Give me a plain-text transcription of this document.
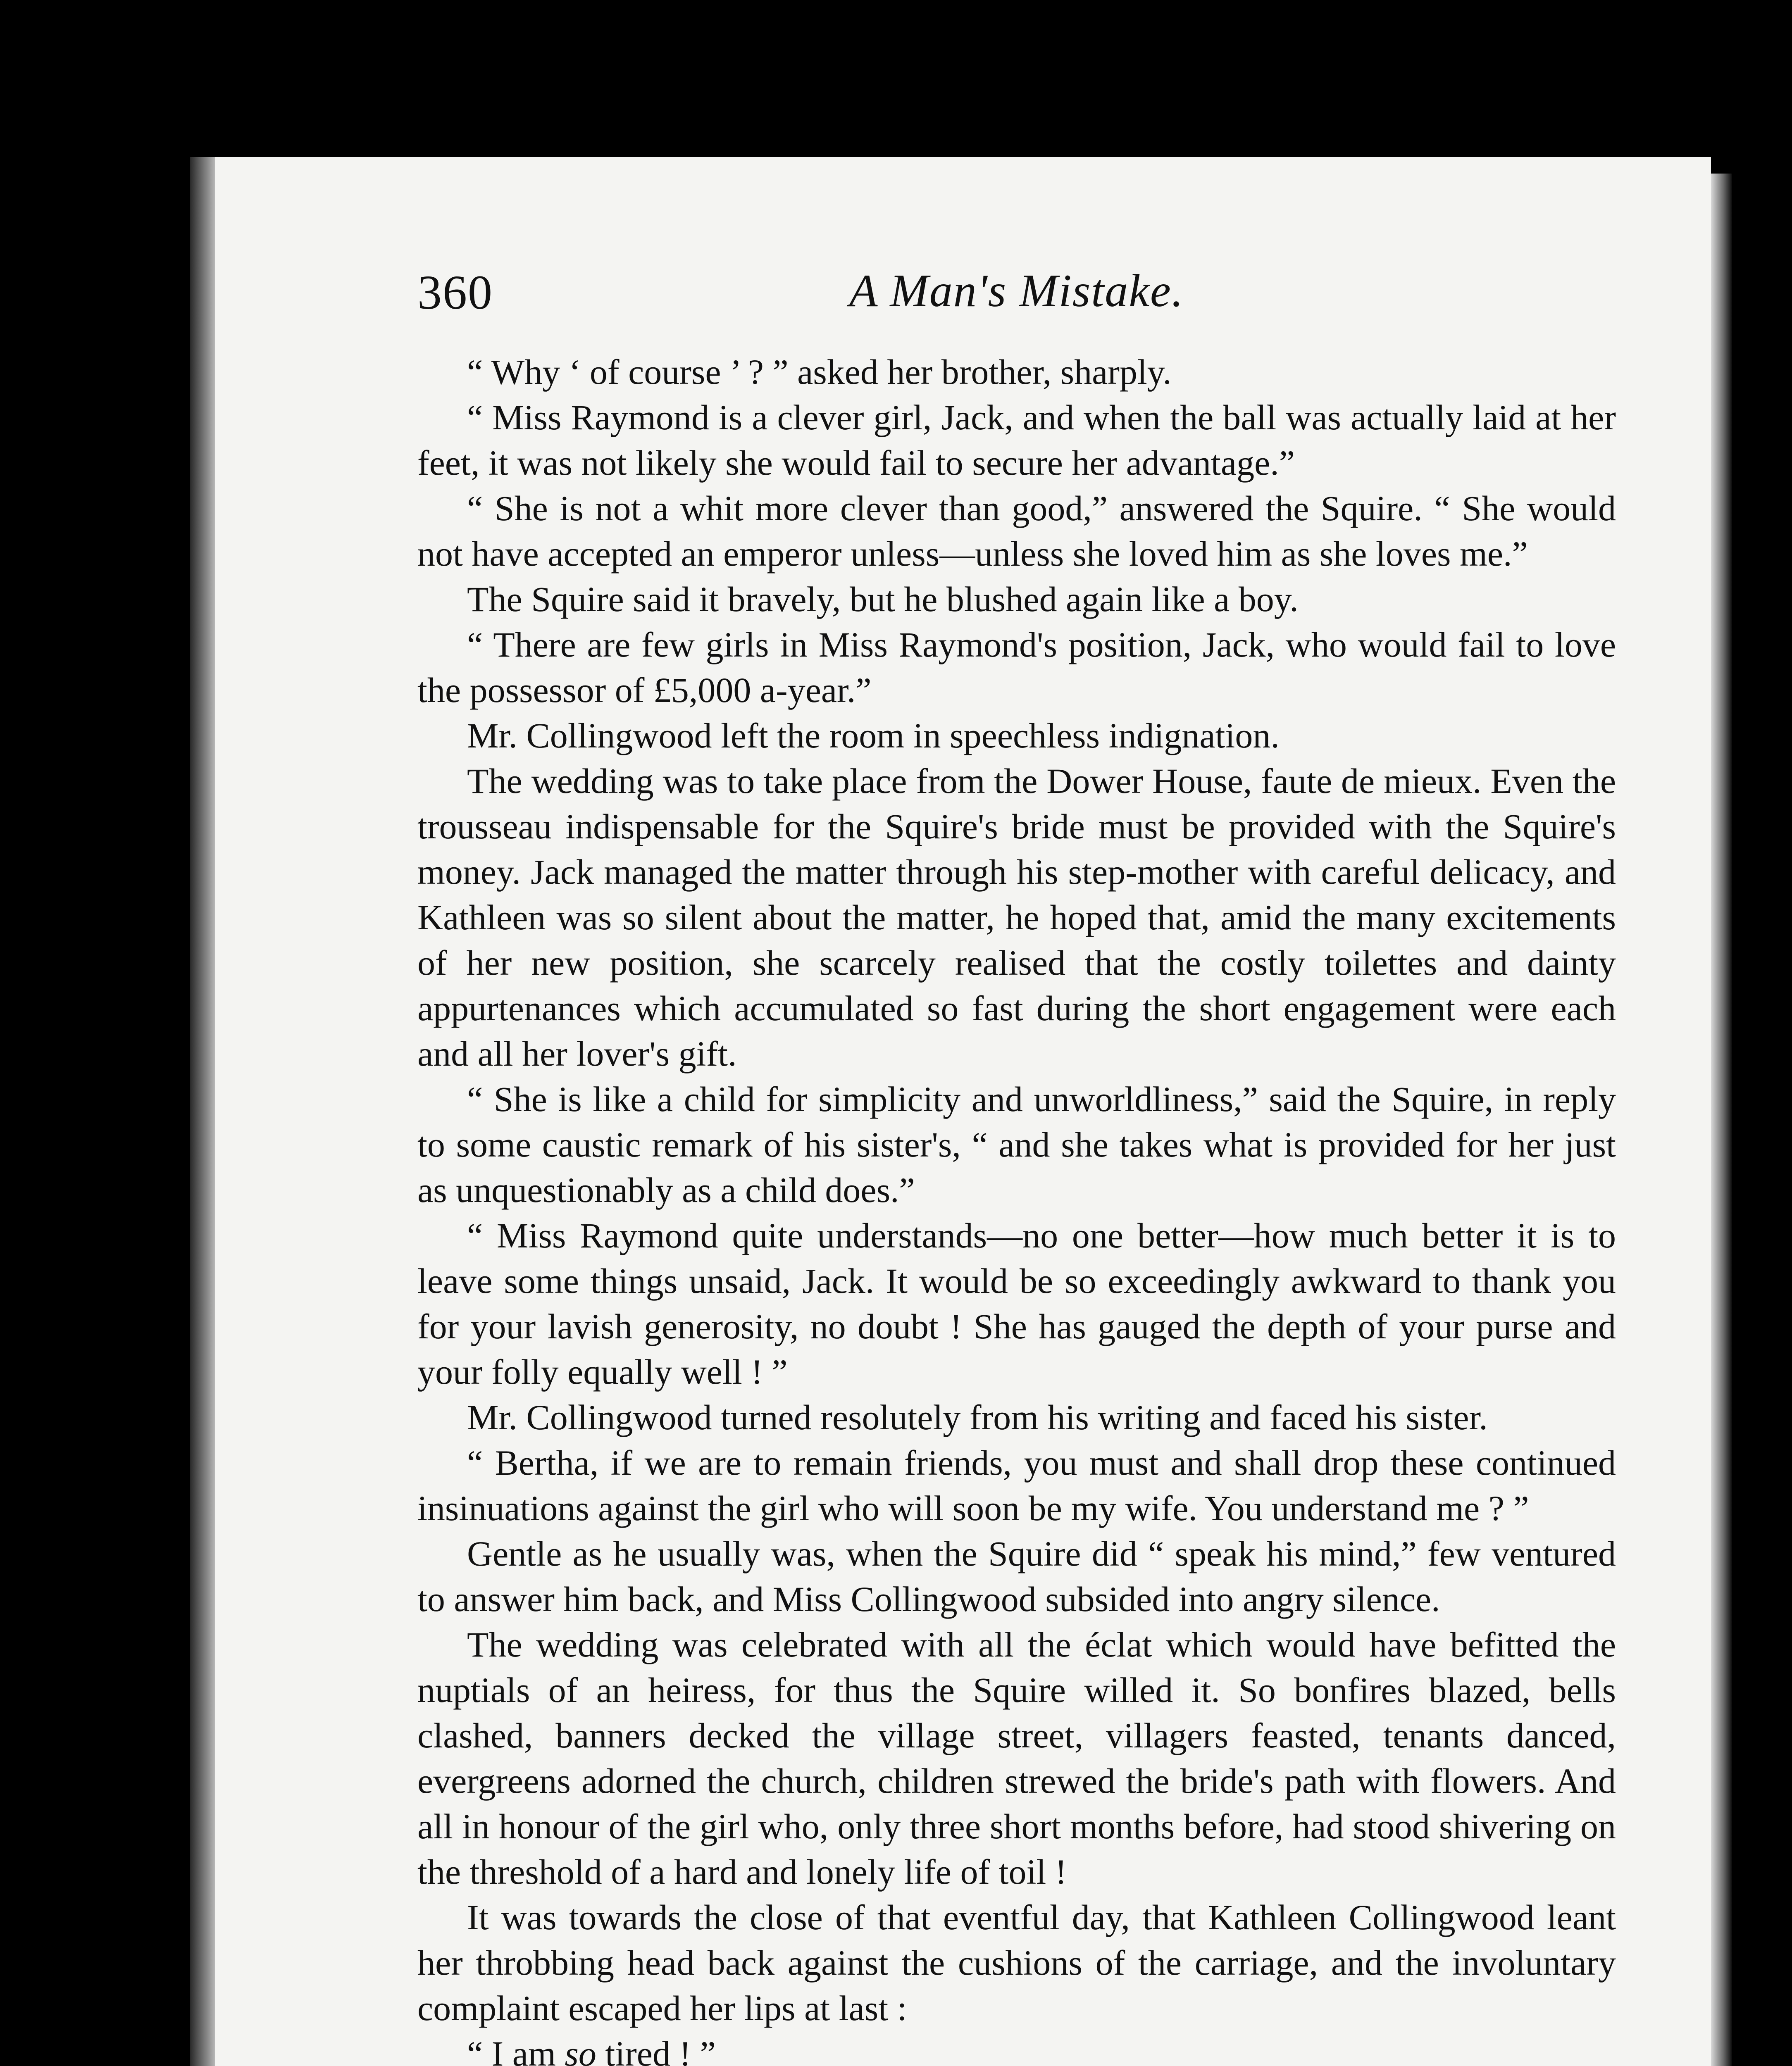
360	A Man's Mistake.

“ Why ‘ of course ’ ? ” asked her brother, sharply.

“ Miss Raymond is a clever girl, Jack, and when the ball was actually laid at her feet, it was not likely she would fail to secure her advantage.”

“ She is not a whit more clever than good,” answered the Squire. “ She would not have accepted an emperor unless—unless she loved him as she loves me.”

The Squire said it bravely, but he blushed again like a boy.

“ There are few girls in Miss Raymond's position, Jack, who would fail to love the possessor of £5,000 a-year.”

Mr. Collingwood left the room in speechless indignation.

The wedding was to take place from the Dower House, faute de mieux. Even the trousseau indispensable for the Squire's bride must be provided with the Squire's money. Jack managed the matter through his step-mother with careful delicacy, and Kathleen was so silent about the matter, he hoped that, amid the many excitements of her new position, she scarcely realised that the costly toilettes and dainty appurtenances which accumulated so fast during the short engagement were each and all her lover's gift.

“ She is like a child for simplicity and unworldliness,” said the Squire, in reply to some caustic remark of his sister's, “ and she takes what is provided for her just as unquestionably as a child does.”

“ Miss Raymond quite understands—no one better—how much better it is to leave some things unsaid, Jack. It would be so exceedingly awkward to thank you for your lavish generosity, no doubt ! She has gauged the depth of your purse and your folly equally well ! ”

Mr. Collingwood turned resolutely from his writing and faced his sister.

“ Bertha, if we are to remain friends, you must and shall drop these continued insinuations against the girl who will soon be my wife. You understand me ? ”

Gentle as he usually was, when the Squire did “ speak his mind,” few ventured to answer him back, and Miss Collingwood subsided into angry silence.

The wedding was celebrated with all the éclat which would have befitted the nuptials of an heiress, for thus the Squire willed it. So bonfires blazed, bells clashed, banners decked the village street, villagers feasted, tenants danced, evergreens adorned the church, children strewed the bride's path with flowers. And all in honour of the girl who, only three short months before, had stood shivering on the threshold of a hard and lonely life of toil !

It was towards the close of that eventful day, that Kathleen Collingwood leant her throbbing head back against the cushions of the carriage, and the involuntary complaint escaped her lips at last :

“ I am so tired ! ”
